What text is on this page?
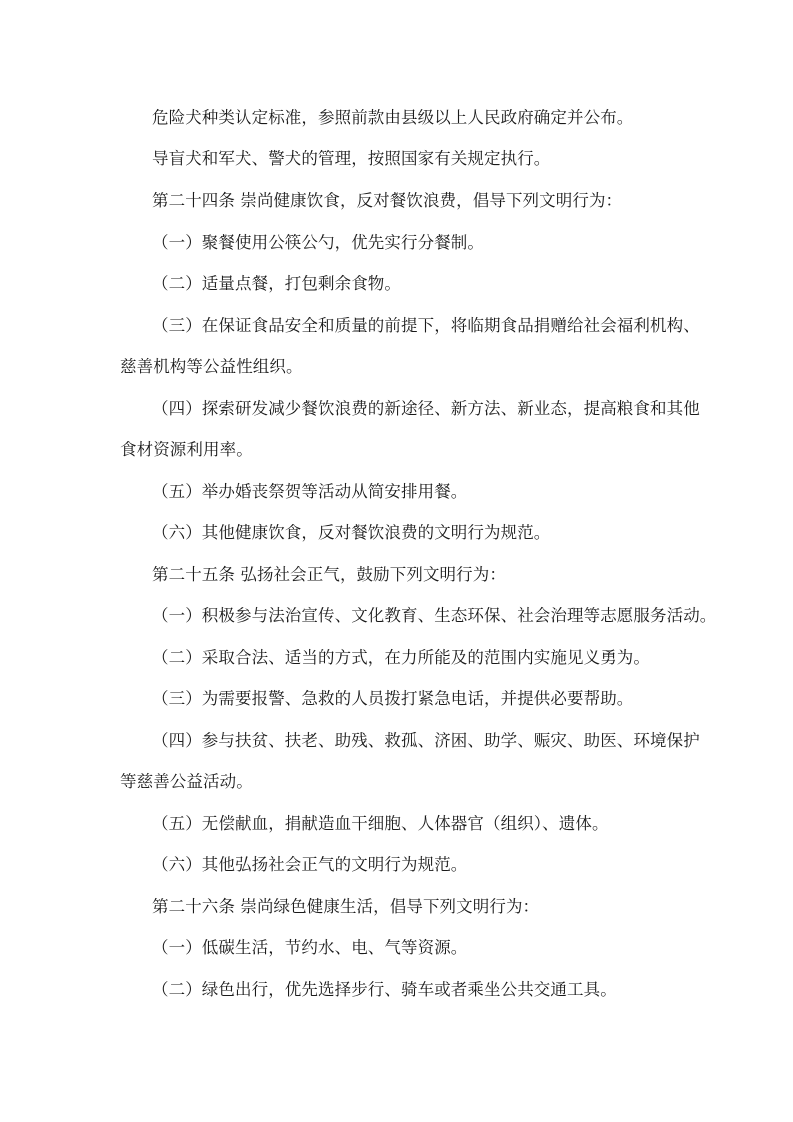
危险犬种类认定标准，参照前款由县级以上人民政府确定并公布。
导盲犬和军犬、警犬的管理，按照国家有关规定执行。
第二十四条 崇尚健康饮食，反对餐饮浪费，倡导下列文明行为：
（一）聚餐使用公筷公勺，优先实行分餐制。
（二）适量点餐，打包剩余食物。
（三）在保证食品安全和质量的前提下，将临期食品捐赠给社会福利机构、
慈善机构等公益性组织。
（四）探索研发减少餐饮浪费的新途径、新方法、新业态，提高粮食和其他
食材资源利用率。
（五）举办婚丧祭贺等活动从简安排用餐。
（六）其他健康饮食，反对餐饮浪费的文明行为规范。
第二十五条 弘扬社会正气，鼓励下列文明行为：
（一）积极参与法治宣传、文化教育、生态环保、社会治理等志愿服务活动。
（二）采取合法、适当的方式，在力所能及的范围内实施见义勇为。
（三）为需要报警、急救的人员拨打紧急电话，并提供必要帮助。
（四）参与扶贫、扶老、助残、救孤、济困、助学、赈灾、助医、环境保护
等慈善公益活动。
（五）无偿献血，捐献造血干细胞、人体器官（组织）、遗体。
（六）其他弘扬社会正气的文明行为规范。
第二十六条 崇尚绿色健康生活，倡导下列文明行为：
（一）低碳生活，节约水、电、气等资源。
（二）绿色出行，优先选择步行、骑车或者乘坐公共交通工具。
